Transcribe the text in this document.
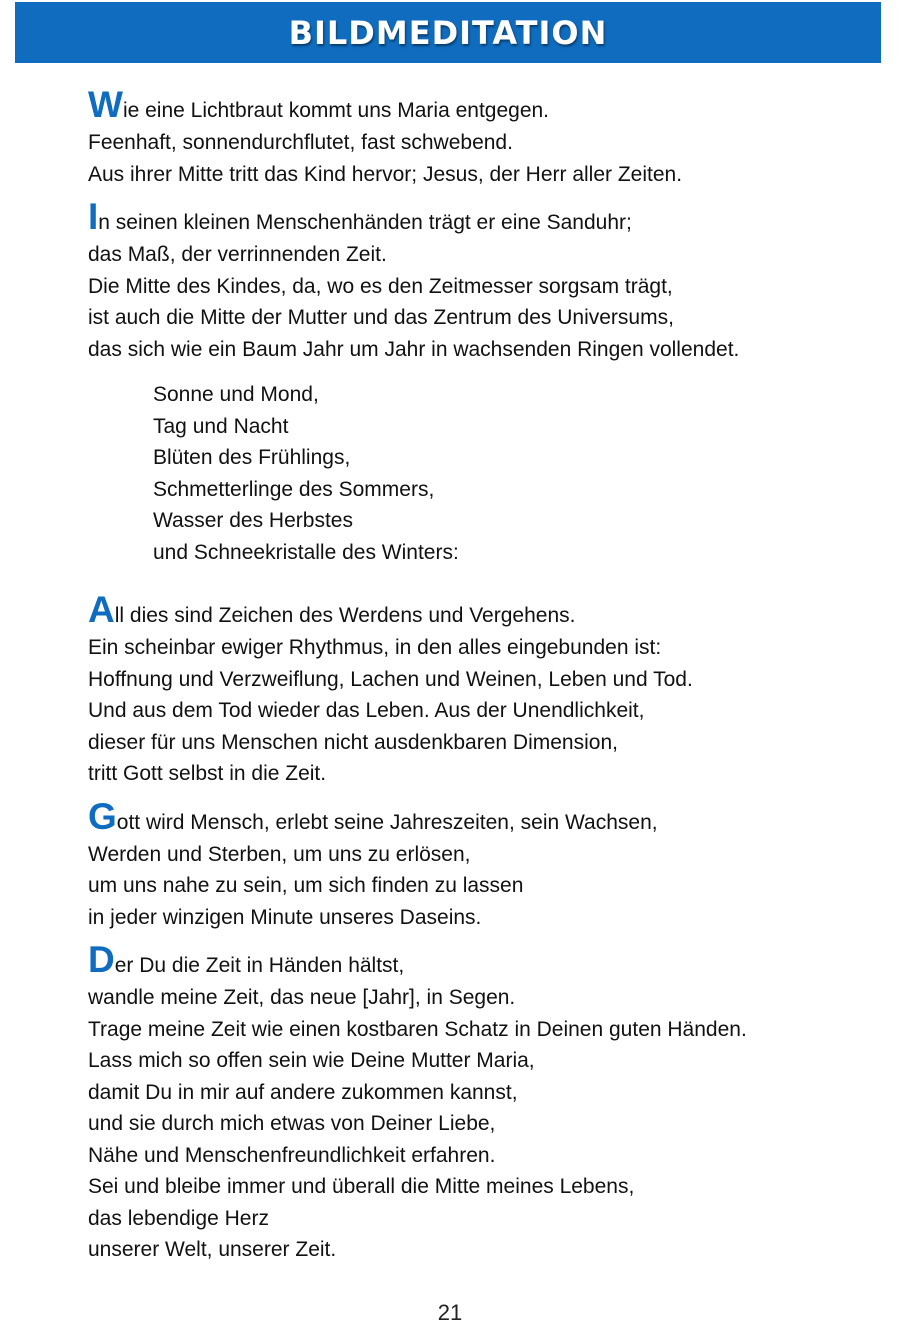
BILDMEDITATION
Wie eine Lichtbraut kommt uns Maria entgegen.
Feenhaft, sonnendurchflutet, fast schwebend.
Aus ihrer Mitte tritt das Kind hervor; Jesus, der Herr aller Zeiten.
In seinen kleinen Menschenhänden trägt er eine Sanduhr;
das Maß, der verrinnenden Zeit.
Die Mitte des Kindes, da, wo es den Zeitmesser sorgsam trägt,
ist auch die Mitte der Mutter und das Zentrum des Universums,
das sich wie ein Baum Jahr um Jahr in wachsenden Ringen vollendet.
Sonne und Mond,
Tag und Nacht
Blüten des Frühlings,
Schmetterlinge des Sommers,
Wasser des Herbstes
und Schneekristalle des Winters:
All dies sind Zeichen des Werdens und Vergehens.
Ein scheinbar ewiger Rhythmus, in den alles eingebunden ist:
Hoffnung und Verzweiflung, Lachen und Weinen, Leben und Tod.
Und aus dem Tod wieder das Leben. Aus der Unendlichkeit,
dieser für uns Menschen nicht ausdenkbaren Dimension,
tritt Gott selbst in die Zeit.
Gott wird Mensch, erlebt seine Jahreszeiten, sein Wachsen,
Werden und Sterben, um uns zu erlösen,
um uns nahe zu sein, um sich finden zu lassen
in jeder winzigen Minute unseres Daseins.
Der Du die Zeit in Händen hältst,
wandle meine Zeit, das neue [Jahr], in Segen.
Trage meine Zeit wie einen kostbaren Schatz in Deinen guten Händen.
Lass mich so offen sein wie Deine Mutter Maria,
damit Du in mir auf andere zukommen kannst,
und sie durch mich etwas von Deiner Liebe,
Nähe und Menschenfreundlichkeit erfahren.
Sei und bleibe immer und überall die Mitte meines Lebens,
das lebendige Herz
unserer Welt, unserer Zeit.
21
